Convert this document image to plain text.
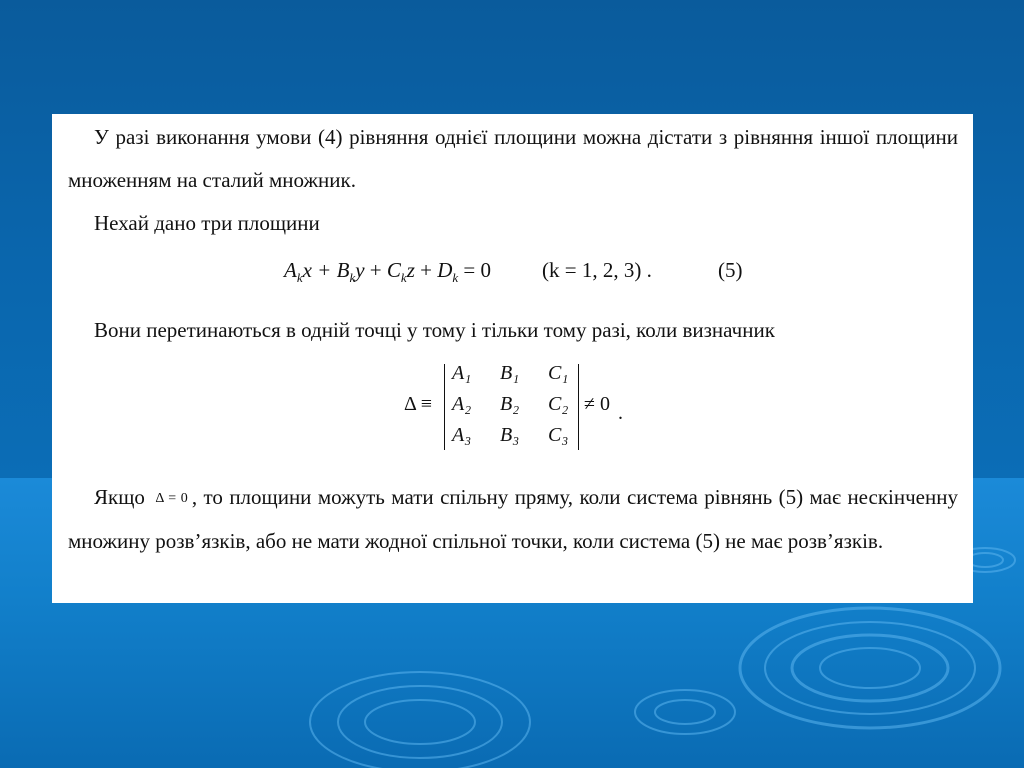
У разі виконання умови (4) рівняння однієї площини можна дістати з рівняння іншої площини множенням на сталий множник.
Нехай дано три площини
$A_kx + B_ky + C_kz + D_k = 0$ (k = 1, 2, 3) .	(5)
Вони перетинаються в одній точці у тому і тільки тому разі, коли визначник
Δ ≡
A₁ B₁ C₁
A₂ B₂ C₂
A₃ B₃ C₃
≠ 0 .
Якщо Δ = 0 , то площини можуть мати спільну пряму, коли система рівнянь (5) має нескінченну множину розв’язків, або не мати жодної спільної точки, коли система (5) не має розв’язків.
